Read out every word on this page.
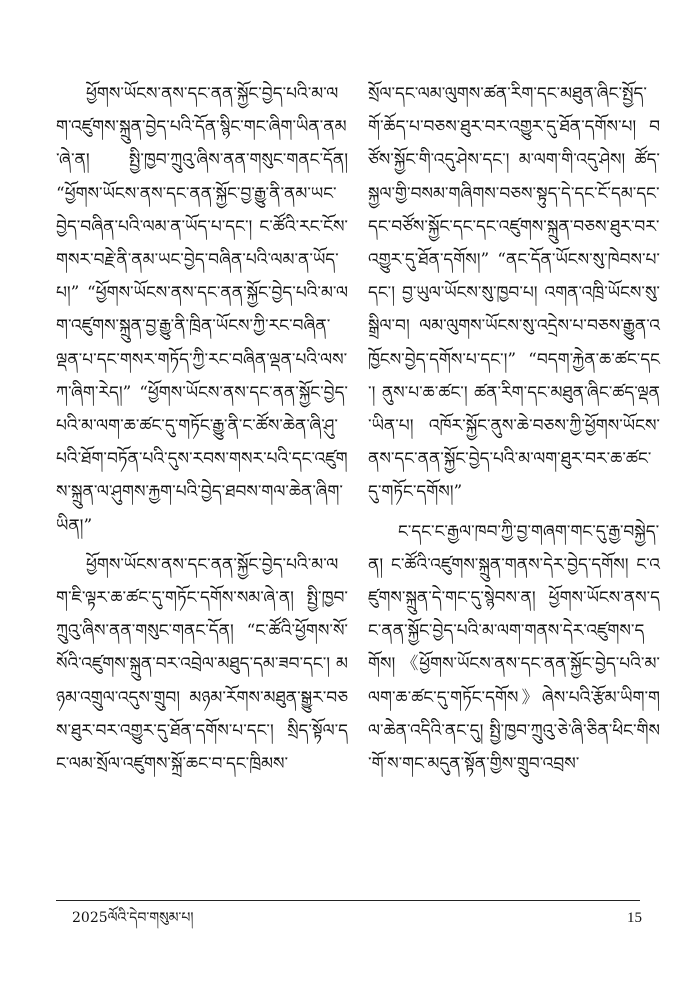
ཕྱོགས་ཡོངས་ནས་དང་ནན་སྐྱོང་བྱེད་པའི་མ་ལག་འཛུགས་སྐྲུན་བྱེད་པའི་དོན་སྙིང་གང་ཞིག་ཡིན་ནམ་ཞེ་ན། སྤྱི་ཁྱབ་ཀྲུའུ་ཞིས་ནན་གསུང་གནང་དོན། “ཕྱོགས་ཡོངས་ནས་དང་ནན་སྐྱོང་བྱ་རྒྱུ་ནི་ནམ་ཡང་བྱེད་བཞིན་པའི་ལམ་ན་ཡོད་པ་དང་། ང་ཚོའི་རང་ངོས་གསར་བརྗེ་ནི་ནམ་ཡང་བྱེད་བཞིན་པའི་ལམ་ན་ཡོད་པ།” “ཕྱོགས་ཡོངས་ནས་དང་ནན་སྐྱོང་བྱེད་པའི་མ་ལག་འཛུགས་སྐྲུན་བྱ་རྒྱུ་ནི་ཁྲིན་ཡོངས་ཀྱི་རང་བཞིན་ལྡན་པ་དང་གསར་གཏོད་ཀྱི་རང་བཞིན་ལྡན་པའི་ལས་ཀ་ཞིག་རེད།” “ཕྱོགས་ཡོངས་ནས་དང་ནན་སྐྱོང་བྱེད་པའི་མ་ལག་ཆ་ཚང་དུ་གཏོང་རྒྱུ་ནི་ང་ཚོས་ཆེན་ཞི་ཤུ་པའི་ཐོག་བཏོན་པའི་དུས་རབས་གསར་པའི་དང་འཛུགས་སྐྲུན་ལ་ཤུགས་རྐྱག་པའི་བྱེད་ཐབས་གལ་ཆེན་ཞིག་ཡིན།”

ཕྱོགས་ཡོངས་ནས་དང་ནན་སྐྱོང་བྱེད་པའི་མ་ལག་ཇི་ལྟར་ཆ་ཚང་དུ་གཏོང་དགོས་སམ་ཞེ་ན། སྤྱི་ཁྱབ་ཀྲུའུ་ཞིས་ནན་གསུང་གནང་དོན། “ང་ཚོའི་ཕྱོགས་སོ་སོའི་འཛུགས་སྐྲུན་བར་འབྲེལ་མཐུད་དམ་ཟབ་དང་། མཉམ་འགྲུལ་འདུས་གྲུབ། མཉམ་རོགས་མཐུན་སྒྱུར་བཅས་ཐུར་བར་འགྱུར་དུ་ཐོན་དགོས་པ་དང་། སྲིད་སྟོལ་དང་ལམ་སྲོལ་འཛུགས་སྐྲོ་ཆང་བ་དང་ཁྲིམས་

སྲོལ་དང་ལམ་ལུགས་ཚན་རིག་དང་མཐུན་ཞིང་སྤྱོད་གོ་ཆོད་པ་བཅས་ཐུར་བར་འགྱུར་དུ་ཐོན་དགོས་པ། བཙོས་སྐྱོང་གི་འདུ་ཤེས་དང་། མ་ལག་གི་འདུ་ཤེས། ཚོད་སྐྱལ་གྱི་བསམ་གཞིགས་བཅས་སྟུད་དེ་དང་ངོ་དམ་དང་དང་བཙོས་སྐྱོང་དང་དང་འཛུགས་སྐྲུན་བཅས་ཐུར་བར་འགྱུར་དུ་ཐོན་དགོས།” “ནང་དོན་ཡོངས་སུ་ཁེབས་པ་དང་། བྱ་ཡུལ་ཡོངས་སུ་ཁྱབ་པ། འགན་འཁྲི་ཡོངས་སུ་སྒྲིལ་བ། ལམ་ལུགས་ཡོངས་སུ་འདྲེས་པ་བཅས་རྒྱུན་འཁྱོངས་བྱེད་དགོས་པ་དང་།” “བདག་རྐྱེན་ཆ་ཚང་དང་། ནུས་པ་ཆ་ཚང་། ཚན་རིག་དང་མཐུན་ཞིང་ཚད་ལྡན་ཡིན་པ། འཁོར་སྐྱོང་ནུས་ཆེ་བཅས་ཀྱི་ཕྱོགས་ཡོངས་ནས་དང་ནན་སྐྱོང་བྱེད་པའི་མ་ལག་ཐུར་བར་ཆ་ཚང་དུ་གཏོང་དགོས།”

ང་དང་ང་རྒྱལ་ཁབ་ཀྱི་བྱ་གཞག་གང་དུ་རྒྱ་བསྐྱེད་ན། ང་ཚོའི་འཛུགས་སྐྲུན་གནས་དེར་བྱེད་དགོས། ང་འཛུགས་སྐྲུན་དེ་གང་དུ་སྙེབས་ན། ཕྱོགས་ཡོངས་ནས་དང་ནན་སྐྱོང་བྱེད་པའི་མ་ལག་གནས་དེར་འཛུགས་དགོས། 《ཕྱོགས་ཡོངས་ནས་དང་ནན་སྐྱོང་བྱེད་པའི་མ་ལག་ཆ་ཚང་དུ་གཏོང་དགོས》ཞེས་པའི་རྩོམ་ཡིག་གལ་ཆེན་འདིའི་ནང་དུ། སྤྱི་ཁྱབ་ཀྲུའུ་ཅེ་ཞི་ཅིན་ཕིང་གིས་གོ་ས་གང་མདུན་སྟོན་གྱིས་གྲུབ་འབྲས་

2025ལོའི་དེབ་གསུམ་པ།	15
